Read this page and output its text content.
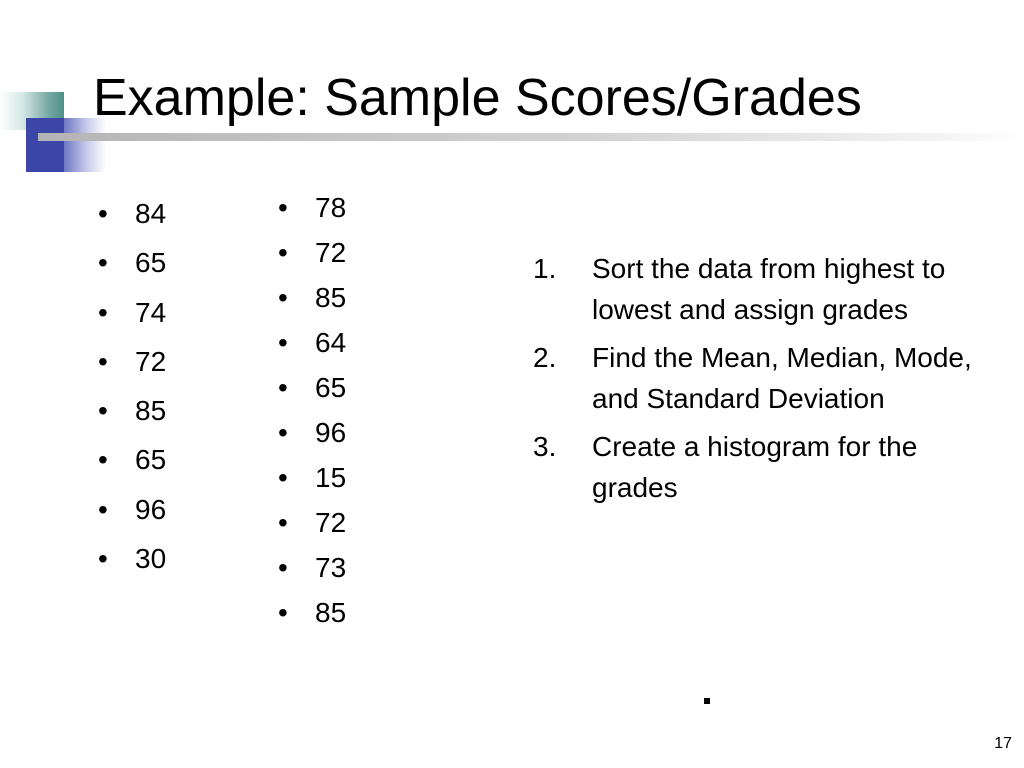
Example: Sample Scores/Grades
• 84
• 65
• 74
• 72
• 85
• 65
• 96
• 30
• 78
• 72
• 85
• 64
• 65
• 96
• 15
• 72
• 73
• 85
1. Sort the data from highest to lowest and assign grades
2. Find the Mean, Median, Mode, and Standard Deviation
3. Create a histogram for the grades
17
